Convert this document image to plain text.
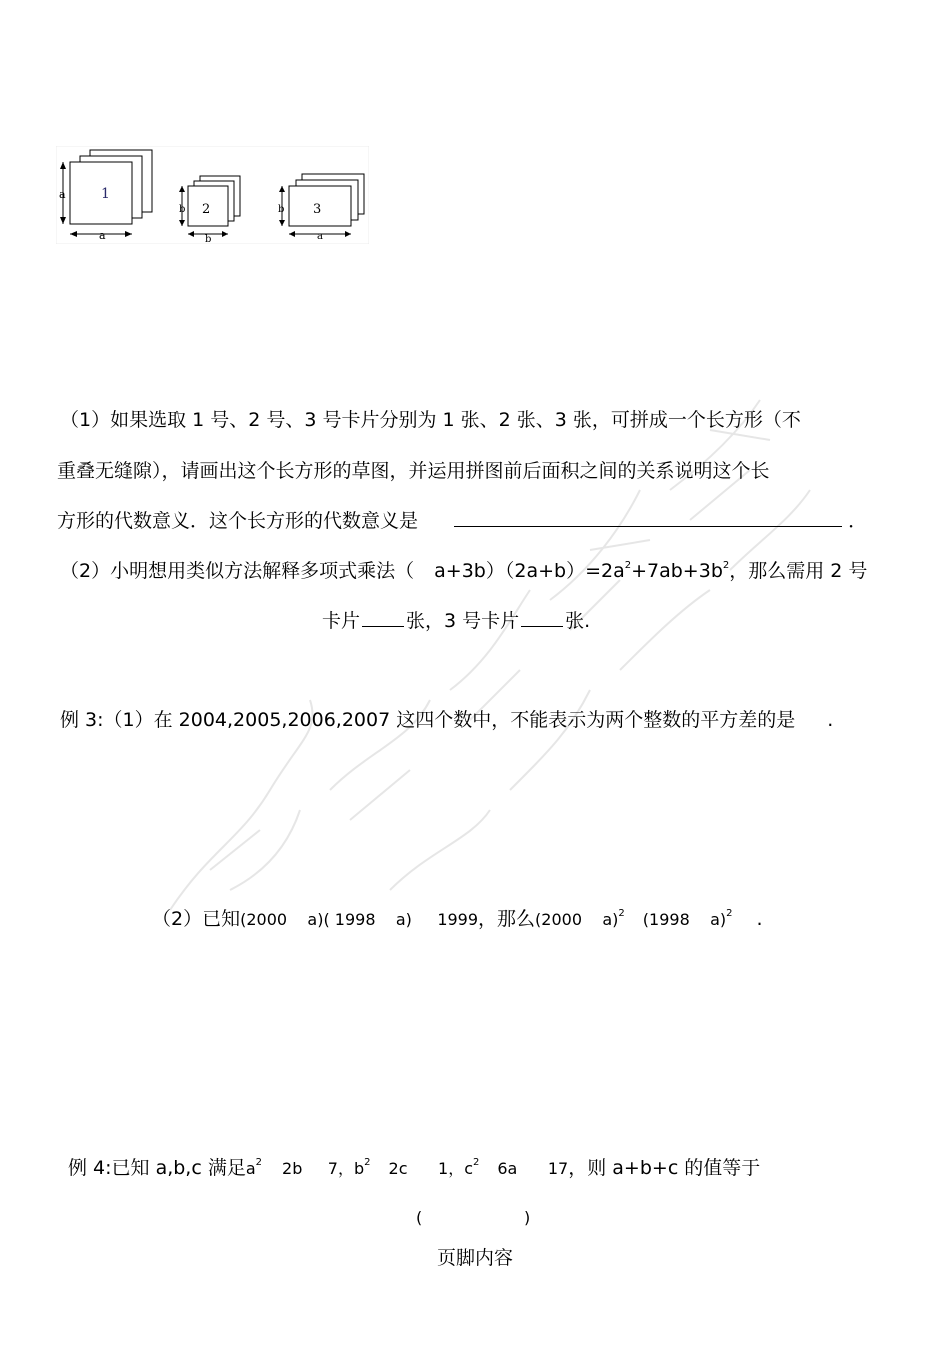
1
a
a
2
b
b
3
b
a
（1）如果选取 1 号、2 号、3 号卡片分别为 1 张、2 张、3 张，可拼成一个长方形（不
重叠无缝隙），请画出这个长方形的草图，并运用拼图前后面积之间的关系说明这个长
方形的代数意义．这个长方形的代数意义是	．
（2）小明想用类似方法解释多项式乘法（ $a+3b)(2a+b)=2a^2+7ab+3b^2$，那么需用 2 号
卡片 张，3 号卡片 张.
例 3:（1）在 2004,2005,2006,2007 这四个数中，不能表示为两个整数的平方差的是 .
（2）已知(2000    a)( 1998    a)     1999，那么(2000    a)$^2$ (1998    a)$^2$ .
例 4:已知 a,b,c 满足$a^2$ 2b     7，$b^2$ 2c      1，$c^2$ 6a      17，则 a+b+c 的值等于
(                    )
页脚内容
